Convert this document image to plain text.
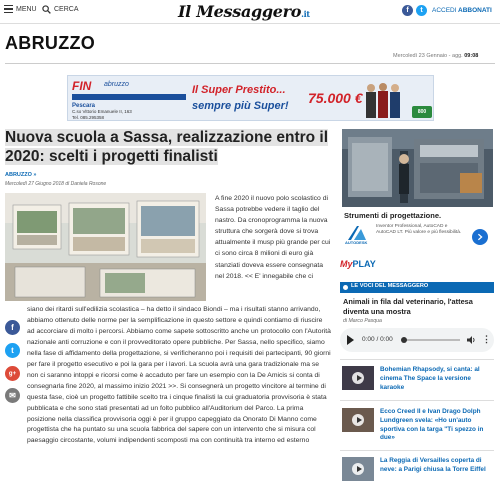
MENU CERCA	Il Messaggero.it	f	t	ACCEDI ABBONATI
ABRUZZO
Mercoledì 23 Gennaio - agg. 09:08
FIN abruzzo
Pescara
C.so Vittorio Emanuele II, 163
Tel. 085.295358
Il Super Prestito...
sempre più Super! 75.000 €
800
Nuova scuola a Sassa, realizzazione entro il 2020: scelti i progetti finalisti
ABRUZZO »
Mercoledì 27 Giugno 2018 di Daniela Rosone

A fine 2020 il nuovo polo scolastico di Sassa potrebbe vedere il taglio del nastro. Da cronoprogramma la nuova struttura che sorgerà dove si trova attualmente il musp più grande per cui ci sono circa 8 milioni di euro già stanziati doveva essere consegnata nel 2018. << E' innegabile che ci

siano dei ritardi sull'edilizia scolastica – ha detto il sindaco Biondi – ma i risultati stanno arrivando, abbiamo ottenuto delle norme per la semplificazione in questo settore e quindi contiamo di riuscire ad accorciare di molto i percorsi. Abbiamo come sapete sottoscritto anche un protocollo con l'Autorità nazionale anti corruzione e con il provveditorato opere pubbliche. Per Sassa, nello specifico, siamo nella fase di affidamento della progettazione, si verificheranno poi i requisiti dei partecipanti, 90 giorni per fare il progetto esecutivo e poi la gara per i lavori. La scuola avrà una gara tradizionale ma se non ci saranno intoppi e ricorsi come è accaduto per fare un esempio con la De Amicis si conta di consegnarla fine 2020, al massimo inizio 2021 >>. Si consegnerà un progetto vincitore al termine di questa fase, cioè un progetto fattibile scelto tra i cinque finalisti la cui graduatoria provvisoria è stata pubblicata e che sono stati presentati ad un folto pubblico all'Auditorium del Parco. La prima posizione nella classifica provvisoria oggi è per il gruppo capeggiato da Onorato Di Manno come progettista che ha puntato su una scuola fabbrica del sapere con un intervento che si misura col paesaggio circostante, volumi indipendenti scomposti ma con continuità tra interno ed esterno

f
t
g+
✉
Strumenti di progettazione.
AUTODESK
Inventor Professional, AutoCAD e AutoCAD LT. Più valore e più flessibilità.
MyPLAY
LE VOCI DEL MESSAGGERO
Animali in fila dal veterinario, l'attesa diventa una mostra
di Marco Pasqua
0:00 / 0:00	⋮
Bohemian Rhapsody, si canta: al cinema The Space la versione karaoke
Ecco Creed II e Ivan Drago Dolph Lundgreen svela: «Ho un'auto sportiva con la targa "Ti spezzo in due»
La Reggia di Versailles coperta di neve: a Parigi chiusa la Torre Eiffel
